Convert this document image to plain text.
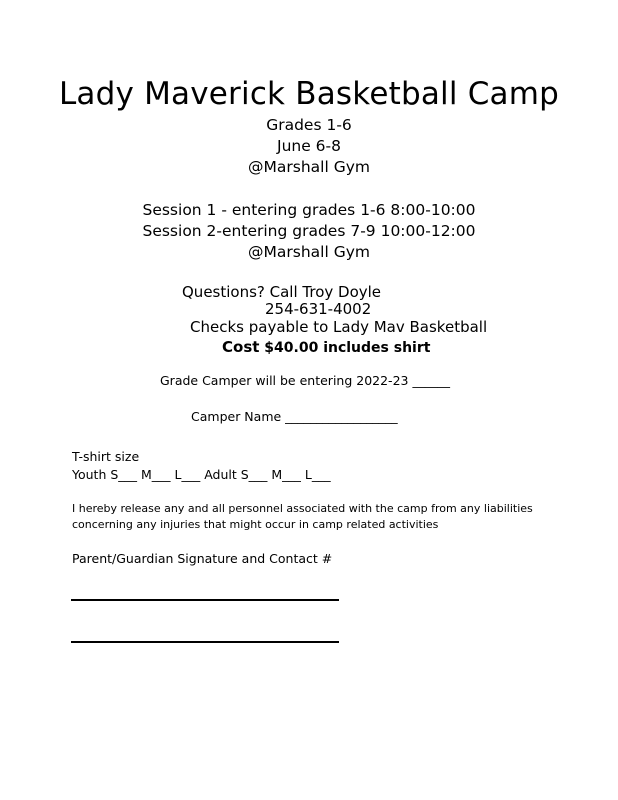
Lady Maverick Basketball Camp
Grades 1-6
June 6-8
@Marshall Gym
Session 1 - entering grades 1-6 8:00-10:00
Session 2-entering grades 7-9 10:00-12:00
@Marshall Gym
Questions? Call Troy Doyle
254-631-4002
Checks payable to Lady Mav Basketball
Cost $40.00 includes shirt
Grade Camper will be entering 2022-23 ______
Camper Name __________________
T-shirt size
Youth S___ M___ L___ Adult S___ M___ L___
I hereby release any and all personnel associated with the camp from any liabilities
concerning any injuries that might occur in camp related activities
Parent/Guardian Signature and Contact #
